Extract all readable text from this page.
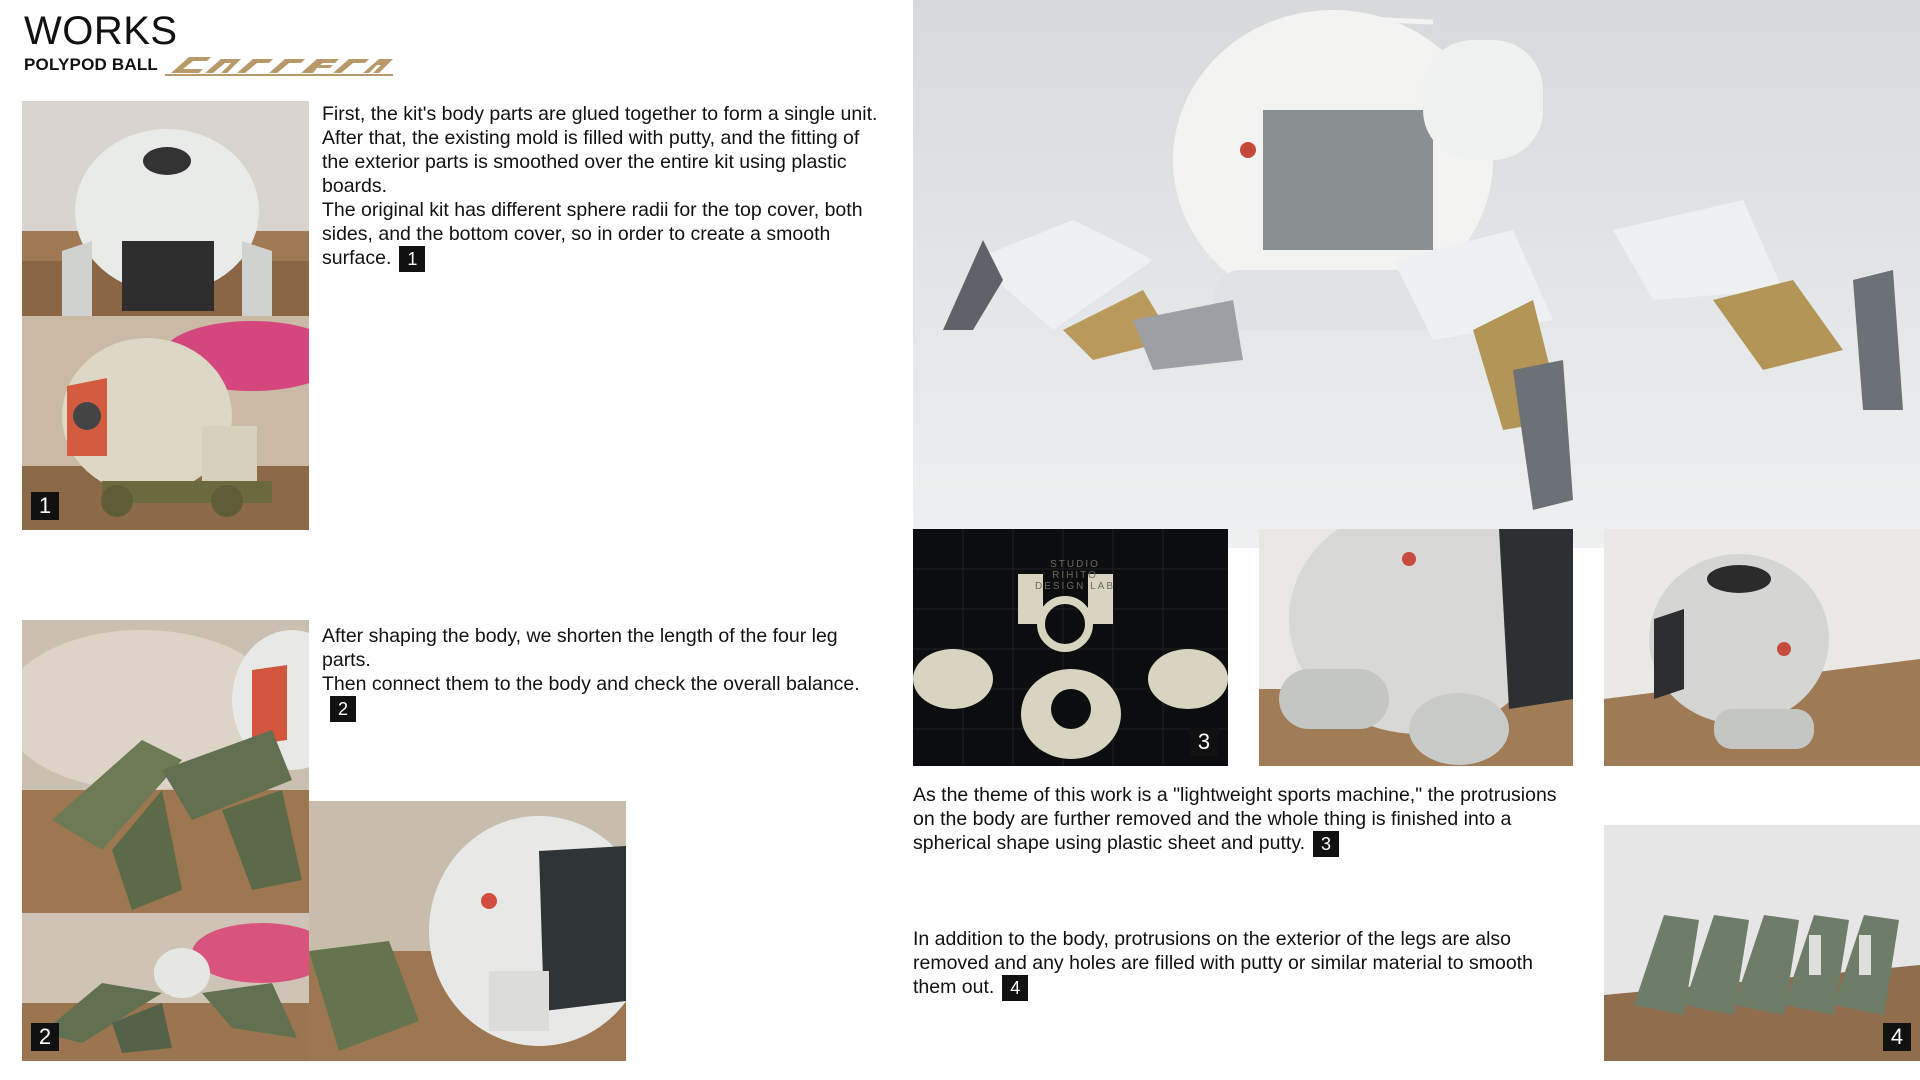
WORKS
POLYPOD BALL

First, the kit's body parts are glued together to form a single unit.

After that, the existing mold is filled with putty, and the fitting of the exterior parts is smoothed over the entire kit using plastic boards.

The original kit has different sphere radii for the top cover, both sides, and the bottom cover, so in order to create a smooth surface. 1

After shaping the body, we shorten the length of the four leg parts.

Then connect them to the body and check the overall balance.2

As the theme of this work is a "lightweight sports machine," the protrusions on the body are further removed and the whole thing is finished into a spherical shape using plastic sheet and putty. 3

In addition to the body, protrusions on the exterior of the legs are also removed and any holes are filled with putty or similar material to smooth them out. 4

1
2
STUDIO RIHITO
DESIGN LAB
3
4
